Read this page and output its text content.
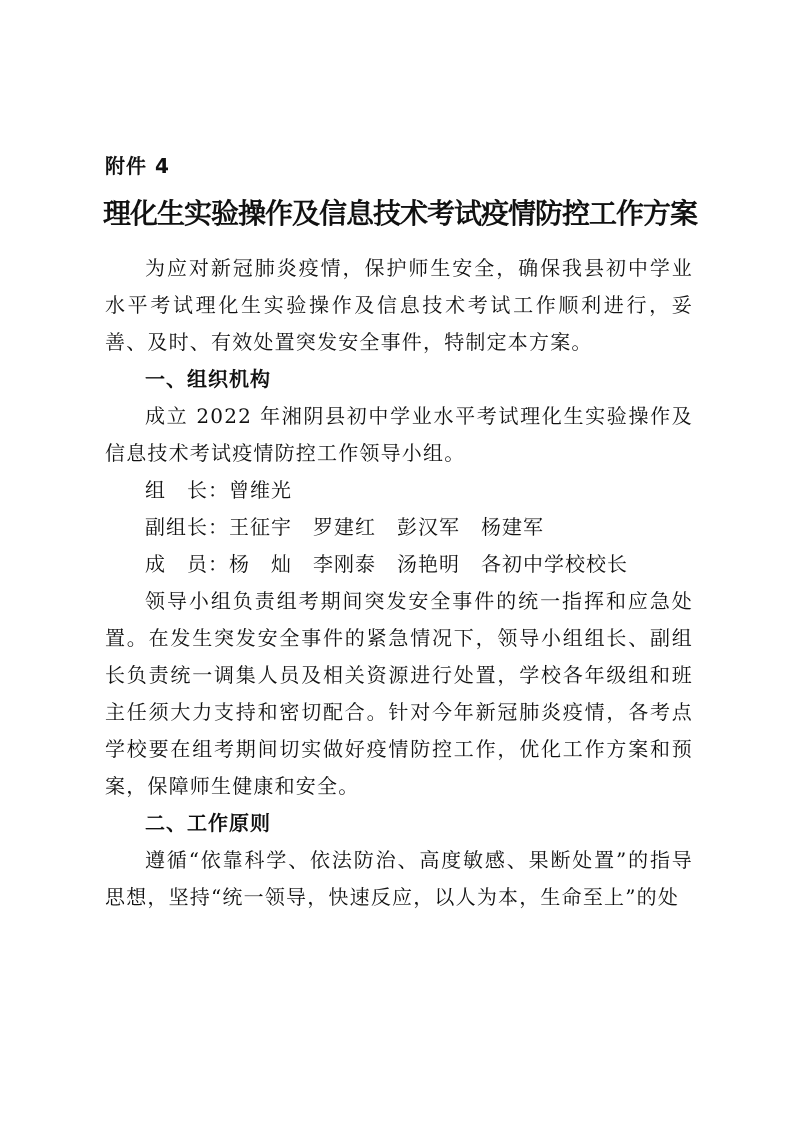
附件 4
理化生实验操作及信息技术考试疫情防控工作方案

为应对新冠肺炎疫情，保护师生安全，确保我县初中学业水平考试理化生实验操作及信息技术考试工作顺利进行，妥善、及时、有效处置突发安全事件，特制定本方案。

一、组织机构

成立 2022 年湘阴县初中学业水平考试理化生实验操作及信息技术考试疫情防控工作领导小组。

组　长：曾维光

副组长：王征宇　罗建红　彭汉军　杨建军

成　员：杨　灿　李刚泰　汤艳明　各初中学校校长

领导小组负责组考期间突发安全事件的统一指挥和应急处置。在发生突发安全事件的紧急情况下，领导小组组长、副组长负责统一调集人员及相关资源进行处置，学校各年级组和班主任须大力支持和密切配合。针对今年新冠肺炎疫情，各考点学校要在组考期间切实做好疫情防控工作，优化工作方案和预案，保障师生健康和安全。

二、工作原则

遵循“依靠科学、依法防治、高度敏感、果断处置”的指导思想，坚持“统一领导，快速反应，以人为本，生命至上”的处
